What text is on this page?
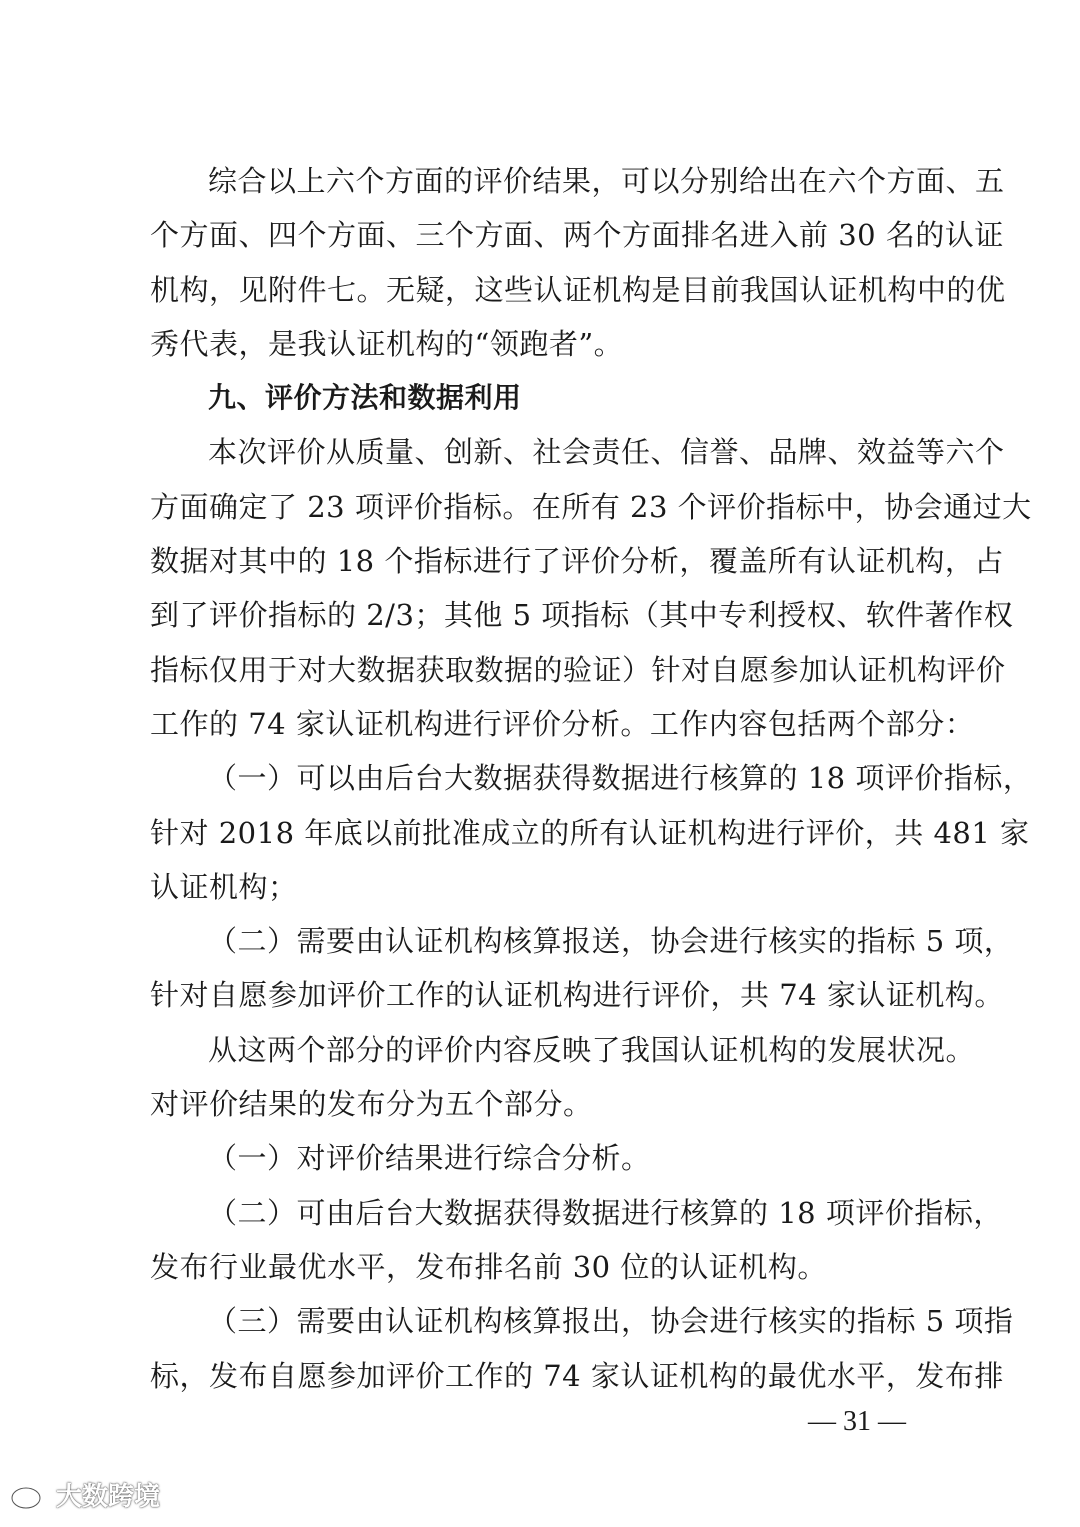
综合以上六个方面的评价结果，可以分别给出在六个方面、五
个方面、四个方面、三个方面、两个方面排名进入前 30 名的认证
机构，见附件七。无疑，这些认证机构是目前我国认证机构中的优
秀代表，是我认证机构的“领跑者”。
九、评价方法和数据利用
本次评价从质量、创新、社会责任、信誉、品牌、效益等六个
方面确定了 23 项评价指标。在所有 23 个评价指标中，协会通过大
数据对其中的 18 个指标进行了评价分析，覆盖所有认证机构，占
到了评价指标的 2/3；其他 5 项指标（其中专利授权、软件著作权
指标仅用于对大数据获取数据的验证）针对自愿参加认证机构评价
工作的 74 家认证机构进行评价分析。工作内容包括两个部分：
（一）可以由后台大数据获得数据进行核算的 18 项评价指标，
针对 2018 年底以前批准成立的所有认证机构进行评价，共 481 家
认证机构；
（二）需要由认证机构核算报送，协会进行核实的指标 5 项，
针对自愿参加评价工作的认证机构进行评价，共 74 家认证机构。
从这两个部分的评价内容反映了我国认证机构的发展状况。
对评价结果的发布分为五个部分。
（一）对评价结果进行综合分析。
（二）可由后台大数据获得数据进行核算的 18 项评价指标，
发布行业最优水平，发布排名前 30 位的认证机构。
（三）需要由认证机构核算报出，协会进行核实的指标 5 项指
标，发布自愿参加评价工作的 74 家认证机构的最优水平，发布排
— 31 —
大数跨境
